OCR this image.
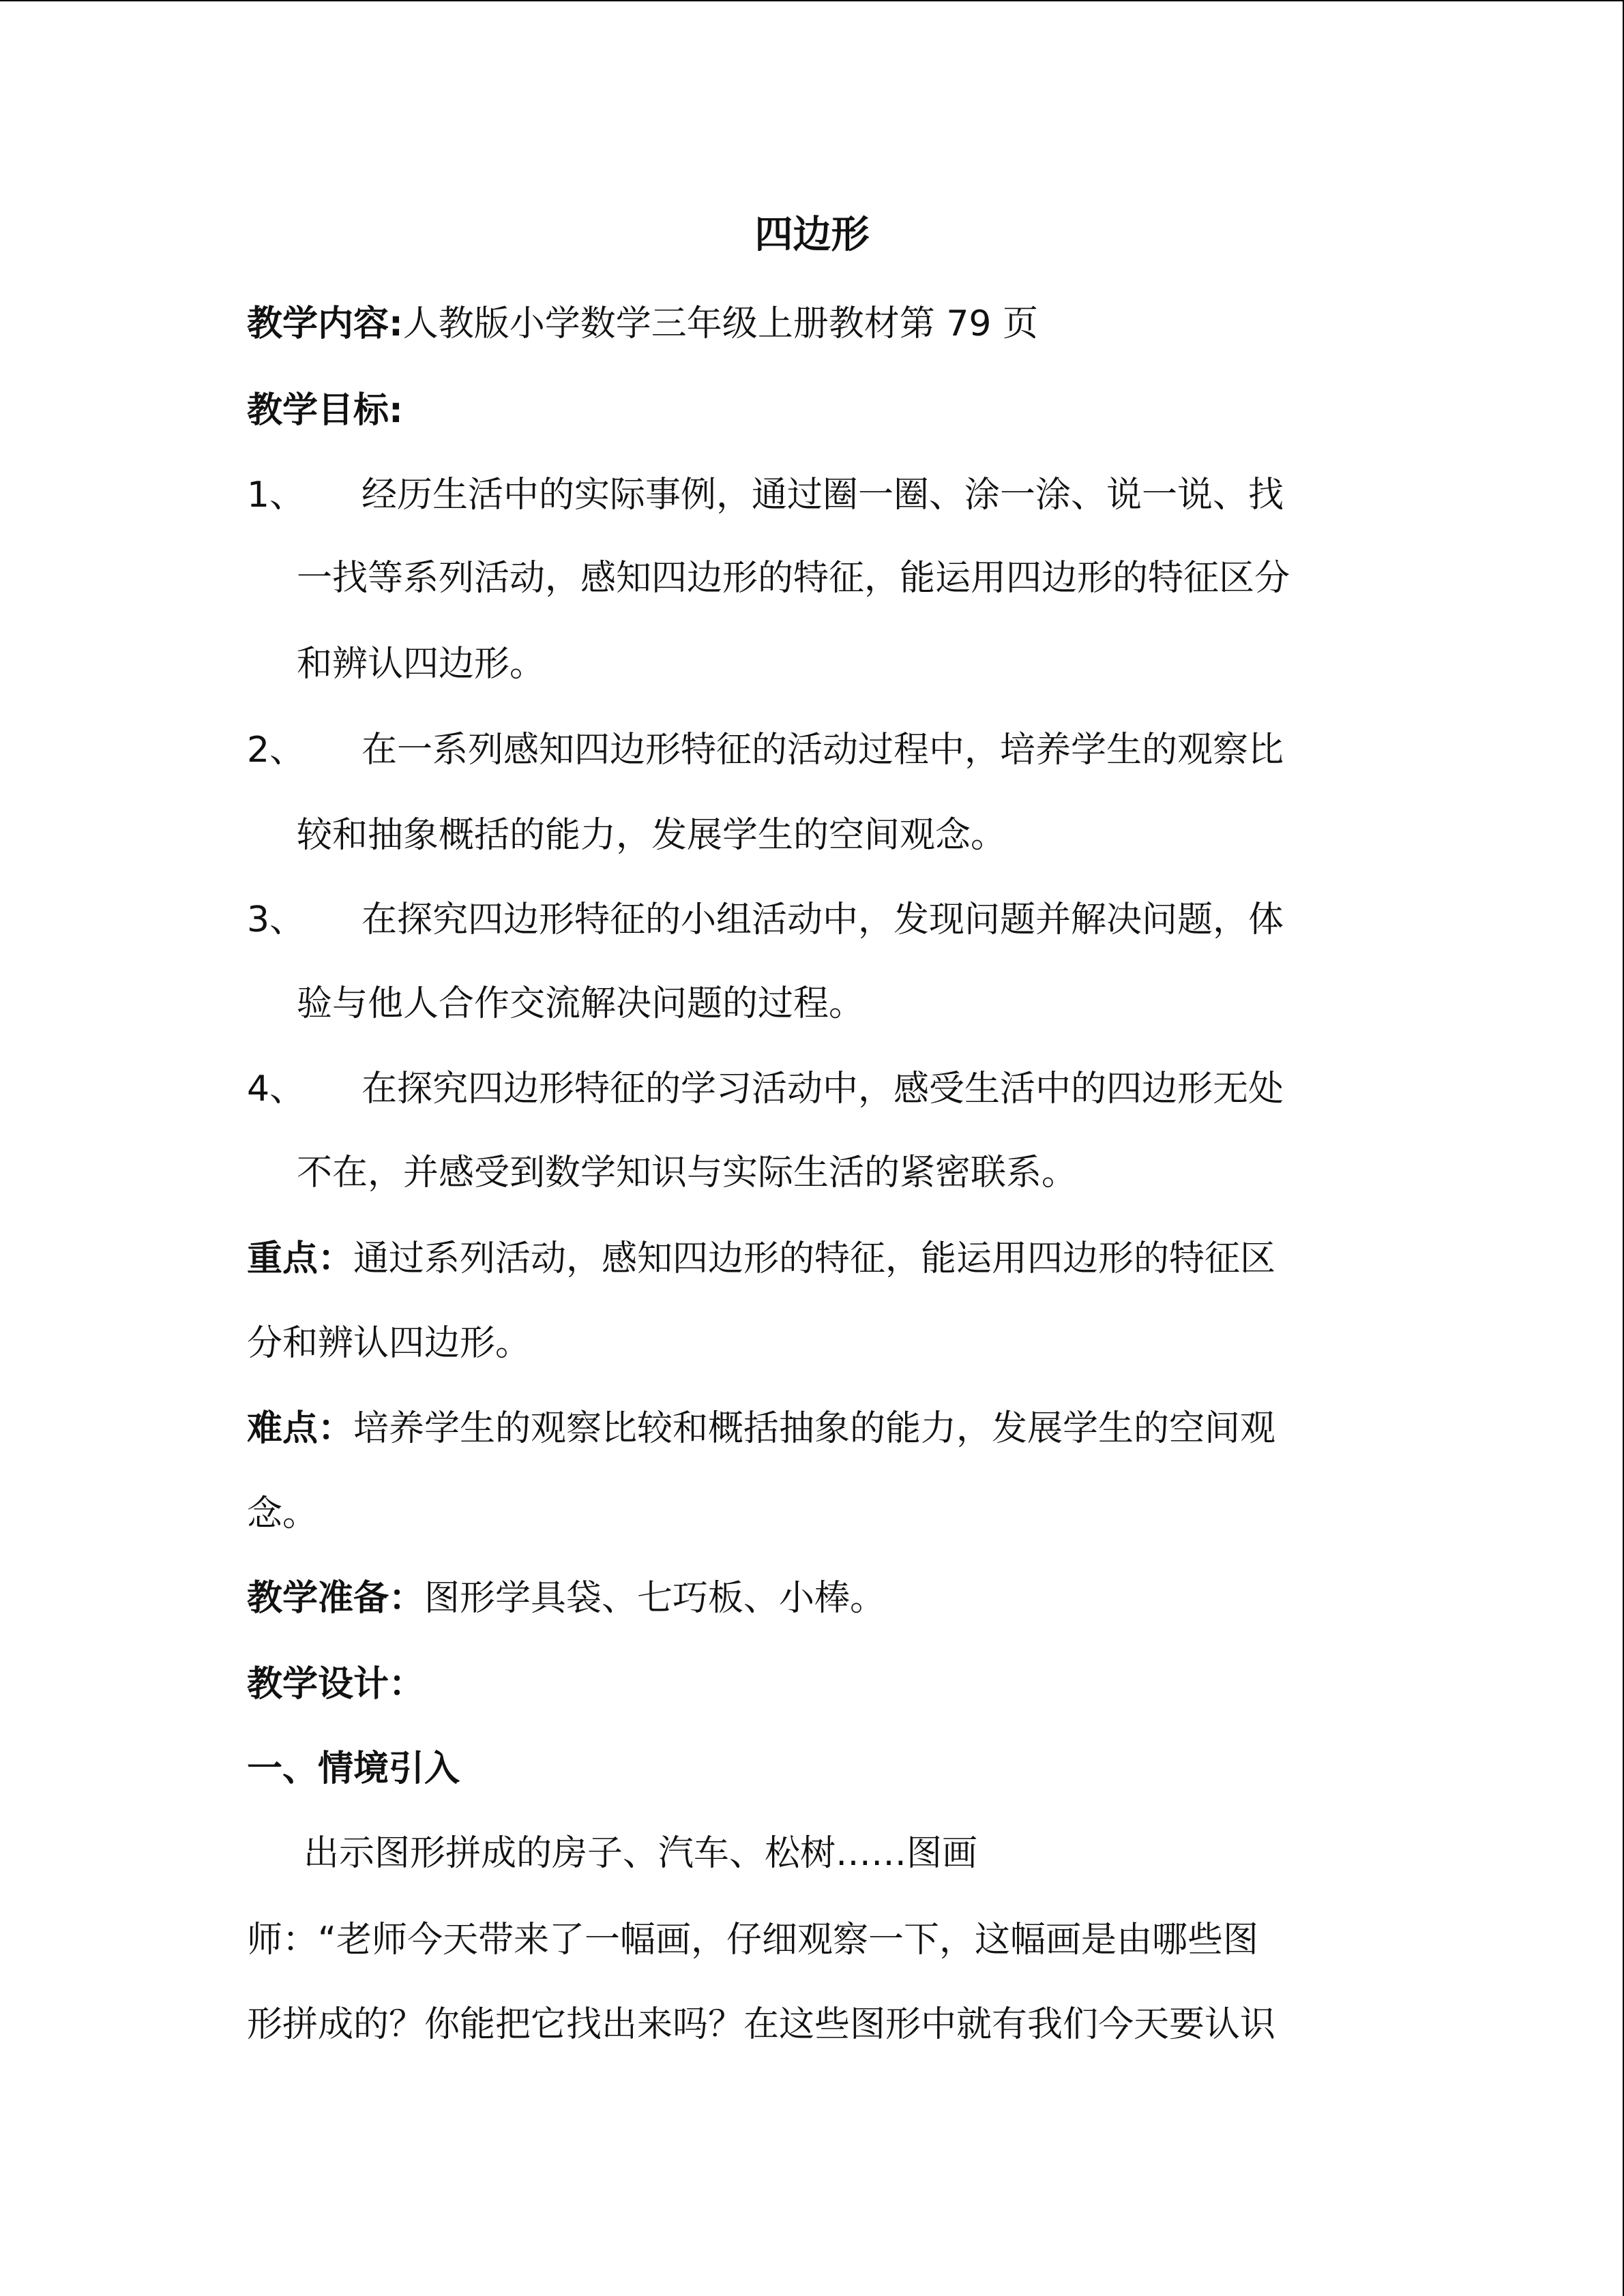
四边形
教学内容:人教版小学数学三年级上册教材第 79 页
教学目标:
1、 经历生活中的实际事例，通过圈一圈、涂一涂、说一说、找
一找等系列活动，感知四边形的特征，能运用四边形的特征区分
和辨认四边形。
2、 在一系列感知四边形特征的活动过程中，培养学生的观察比
较和抽象概括的能力，发展学生的空间观念。
3、 在探究四边形特征的小组活动中，发现问题并解决问题，体
验与他人合作交流解决问题的过程。
4、 在探究四边形特征的学习活动中，感受生活中的四边形无处
不在，并感受到数学知识与实际生活的紧密联系。
重点：通过系列活动，感知四边形的特征，能运用四边形的特征区
分和辨认四边形。
难点：培养学生的观察比较和概括抽象的能力，发展学生的空间观
念。
教学准备：图形学具袋、七巧板、小棒。
教学设计：
一、情境引入
出示图形拼成的房子、汽车、松树……图画
师：“老师今天带来了一幅画，仔细观察一下，这幅画是由哪些图
形拼成的？你能把它找出来吗？在这些图形中就有我们今天要认识
